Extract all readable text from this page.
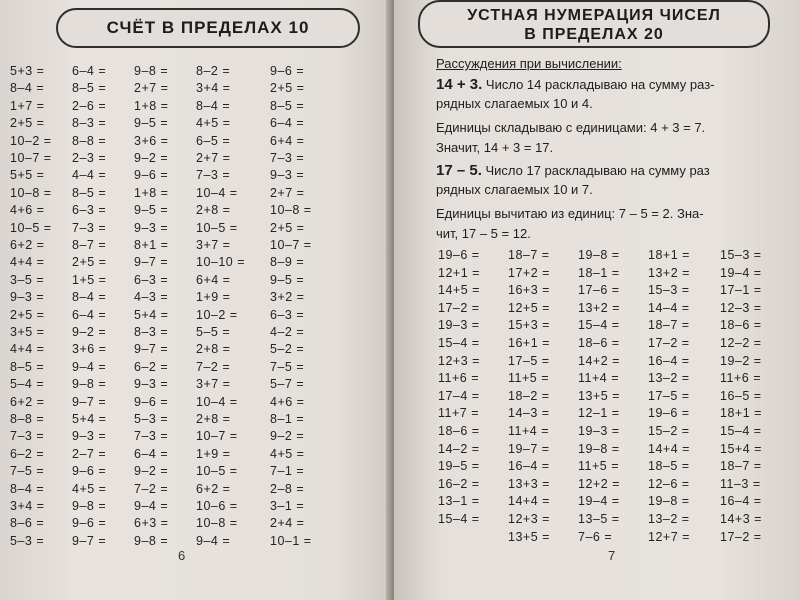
СЧЁТ В ПРЕДЕЛАХ 10
5+3 =
8–4 =
1+7 =
2+5 =
10–2 =
10–7 =
5+5 =
10–8 =
4+6 =
10–5 =
6+2 =
4+4 =
3–5 =
9–3 =
2+5 =
3+5 =
4+4 =
8–5 =
5–4 =
6+2 =
8–8 =
7–3 =
6–2 =
7–5 =
8–4 =
3+4 =
8–6 =
5–3 =
6–4 =
8–5 =
2–6 =
8–3 =
8–8 =
2–3 =
4–4 =
8–5 =
6–3 =
7–3 =
8–7 =
2+5 =
1+5 =
8–4 =
6–4 =
9–2 =
3+6 =
9–4 =
9–8 =
9–7 =
5+4 =
9–3 =
2–7 =
9–6 =
4+5 =
9–8 =
9–6 =
9–7 =
9–8 =
2+7 =
1+8 =
9–5 =
3+6 =
9–2 =
9–6 =
1+8 =
9–5 =
9–3 =
8+1 =
9–7 =
6–3 =
4–3 =
5+4 =
8–3 =
9–7 =
6–2 =
9–3 =
9–6 =
5–3 =
7–3 =
6–4 =
9–2 =
7–2 =
9–4 =
6+3 =
9–8 =
8–2 =
3+4 =
8–4 =
4+5 =
6–5 =
2+7 =
7–3 =
10–4 =
2+8 =
10–5 =
3+7 =
10–10 =
6+4 =
1+9 =
10–2 =
5–5 =
2+8 =
7–2 =
3+7 =
10–4 =
2+8 =
10–7 =
1+9 =
10–5 =
6+2 =
10–6 =
10–8 =
9–4 =
9–6 =
2+5 =
8–5 =
6–4 =
6+4 =
7–3 =
9–3 =
2+7 =
10–8 =
2+5 =
10–7 =
8–9 =
9–5 =
3+2 =
6–3 =
4–2 =
5–2 =
7–5 =
5–7 =
4+6 =
8–1 =
9–2 =
4+5 =
7–1 =
2–8 =
3–1 =
2+4 =
10–1 =
6
УСТНАЯ НУМЕРАЦИЯ ЧИСЕЛ
В ПРЕДЕЛАХ 20
Рассуждения при вычислении:
14 + 3. Число 14 раскладываю на сумму раз-
рядных слагаемых 10 и 4.
Единицы складываю с единицами: 4 + 3 = 7.
Значит, 14 + 3 = 17.
17 – 5. Число 17 раскладываю на сумму раз
рядных слагаемых 10 и 7.
Единицы вычитаю из единиц: 7 – 5 = 2. Зна-
чит, 17 – 5 = 12.
19–6 =
12+1 =
14+5 =
17–2 =
19–3 =
15–4 =
12+3 =
11+6 =
17–4 =
11+7 =
18–6 =
14–2 =
19–5 =
16–2 =
13–1 =
15–4 =
18–7 =
17+2 =
16+3 =
12+5 =
15+3 =
16+1 =
17–5 =
11+5 =
18–2 =
14–3 =
11+4 =
19–7 =
16–4 =
13+3 =
14+4 =
12+3 =
13+5 =
19–8 =
18–1 =
17–6 =
13+2 =
15–4 =
18–6 =
14+2 =
11+4 =
13+5 =
12–1 =
19–3 =
19–8 =
11+5 =
12+2 =
19–4 =
13–5 =
7–6 =
18+1 =
13+2 =
15–3 =
14–4 =
18–7 =
17–2 =
16–4 =
13–2 =
17–5 =
19–6 =
15–2 =
14+4 =
18–5 =
12–6 =
19–8 =
13–2 =
12+7 =
15–3 =
19–4 =
17–1 =
12–3 =
18–6 =
12–2 =
19–2 =
11+6 =
16–5 =
18+1 =
15–4 =
15+4 =
18–7 =
11–3 =
16–4 =
14+3 =
17–2 =
7
